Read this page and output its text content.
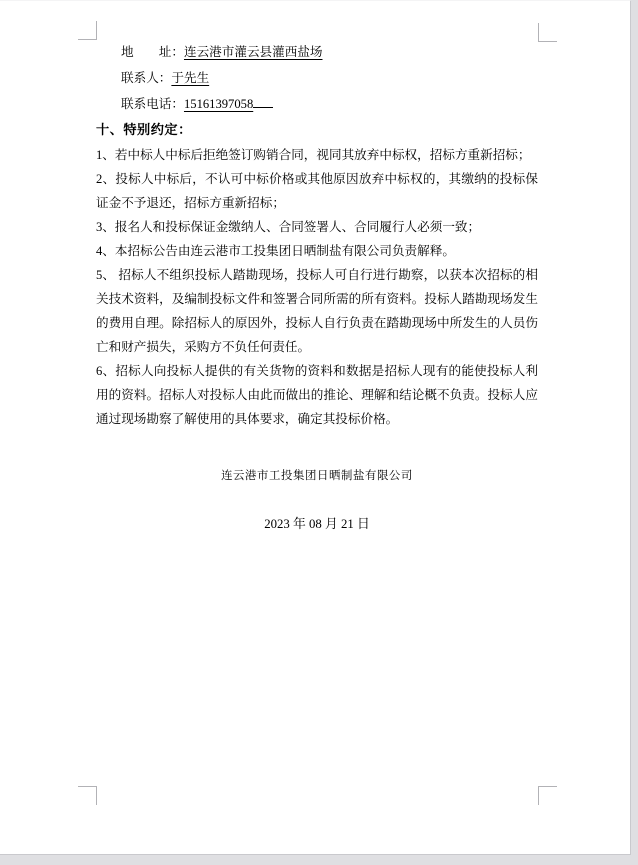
地　　址：连云港市灌云县灌西盐场
联系人：于先生
联系电话：15161397058
十、特别约定：

1、若中标人中标后拒绝签订购销合同，视同其放弃中标权，招标方重新招标；

2、投标人中标后，不认可中标价格或其他原因放弃中标权的，其缴纳的投标保证金不予退还，招标方重新招标；

3、报名人和投标保证金缴纳人、合同签署人、合同履行人必须一致；

4、本招标公告由连云港市工投集团日晒制盐有限公司负责解释。

5、 招标人不组织投标人踏勘现场，投标人可自行进行勘察，以获本次招标的相关技术资料，及编制投标文件和签署合同所需的所有资料。投标人踏勘现场发生的费用自理。除招标人的原因外，投标人自行负责在踏勘现场中所发生的人员伤亡和财产损失，采购方不负任何责任。

6、招标人向投标人提供的有关货物的资料和数据是招标人现有的能使投标人利用的资料。招标人对投标人由此而做出的推论、理解和结论概不负责。投标人应通过现场勘察了解使用的具体要求，确定其投标价格。

连云港市工投集团日晒制盐有限公司
2023 年 08 月 21 日
